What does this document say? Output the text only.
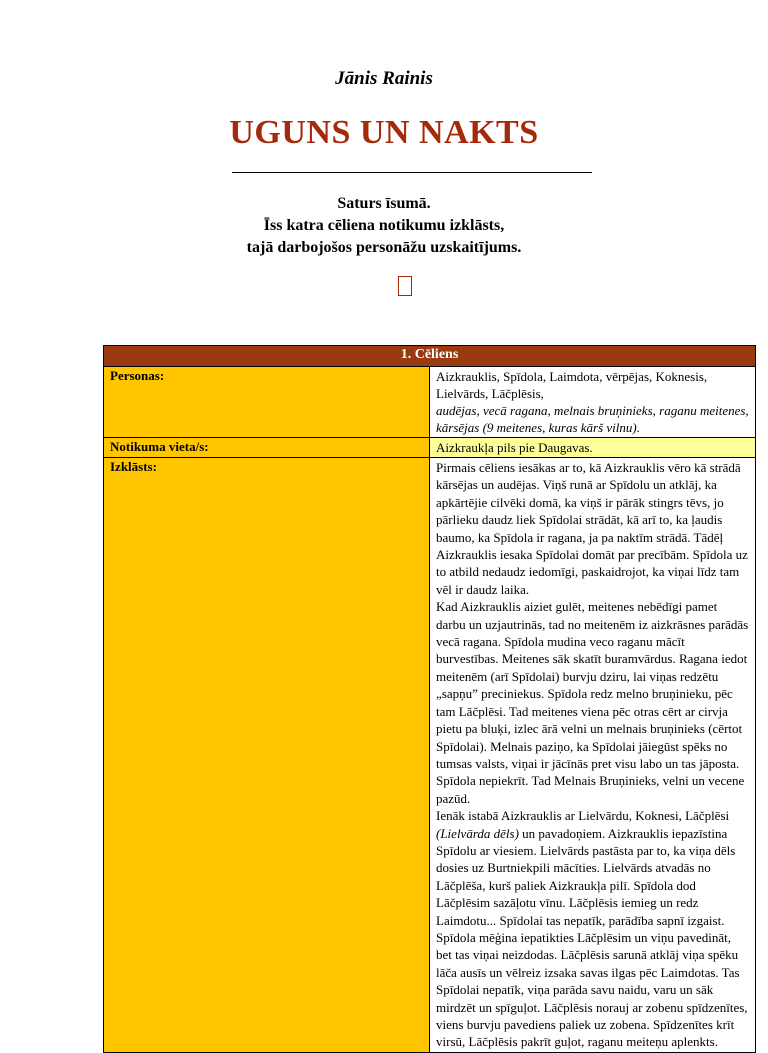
Jānis Rainis
UGUNS UN NAKTS
Saturs īsumā.
Īss katra cēliena notikumu izklāsts,
tajā darbojošos personāžu uzskaitījums.
1. Cēliens	
Personas:	Aizkrauklis, Spīdola, Laimdota, vērpējas, Koknesis, Lielvārds, Lāčplēsis,
audējas, vecā ragana, melnais bruņinieks, raganu meitenes,
kārsējas (9 meitenes, kuras kārš vilnu).
Notikuma vieta/s:	Aizkraukļa pils pie Daugavas.
Izklāsts:	Pirmais cēliens iesākas ar to, kā Aizkrauklis vēro kā strādā kārsējas un audējas. Viņš runā ar Spīdolu un atklāj, ka apkārtējie cilvēki domā, ka viņš ir pārāk stingrs tēvs, jo pārlieku daudz liek Spīdolai strādāt, kā arī to, ka ļaudis baumo, ka Spīdola ir ragana, ja pa naktīm strādā. Tādēļ Aizkrauklis iesaka Spīdolai domāt par precībām. Spīdola uz to atbild nedaudz iedomīgi, paskaidrojot, ka viņai līdz tam vēl ir daudz laika.

Kad Aizkrauklis aiziet gulēt, meitenes nebēdīgi pamet darbu un uzjautrinās, tad no meitenēm iz aizkrāsnes parādās vecā ragana. Spīdola mudina veco raganu mācīt burvestības. Meitenes sāk skatīt buramvārdus. Ragana iedot meitenēm (arī Spīdolai) burvju dziru, lai viņas redzētu „sapņu” preciniekus. Spīdola redz melno bruņinieku, pēc tam Lāčplēsi. Tad meitenes viena pēc otras cērt ar cirvja pietu pa bluķi, izlec ārā velni un melnais bruņinieks (cērtot Spīdolai). Melnais paziņo, ka Spīdolai jāiegūst spēks no tumsas valsts, viņai ir jācīnās pret visu labo un tas jāposta. Spīdola nepiekrīt. Tad Melnais Bruņinieks, velni un vecene pazūd.

Ienāk istabā Aizkrauklis ar Lielvārdu, Koknesi, Lāčplēsi (Lielvārda dēls) un pavadoņiem. Aizkrauklis iepazīstina Spīdolu ar viesiem. Lielvārds pastāsta par to, ka viņa dēls dosies uz Burtniekpili mācīties. Lielvārds atvadās no Lāčplēša, kurš paliek Aizkraukļa pilī. Spīdola dod Lāčplēsim sazāļotu vīnu. Lāčplēsis iemieg un redz Laimdotu... Spīdolai tas nepatīk, parādība sapnī izgaist. Spīdola mēģina iepatikties Lāčplēsim un viņu pavedināt, bet tas viņai neizdodas. Lāčplēsis sarunā atklāj viņa spēku lāča ausīs un vēlreiz izsaka savas ilgas pēc Laimdotas. Tas Spīdolai nepatīk, viņa parāda savu naidu, varu un sāk mirdzēt un spīguļot. Lāčplēsis norauj ar zobenu spīdzenītes, viens burvju pavediens paliek uz zobena. Spīdzenītes krīt virsū, Lāčplēsis pakrīt guļot, raganu meiteņu aplenkts.
